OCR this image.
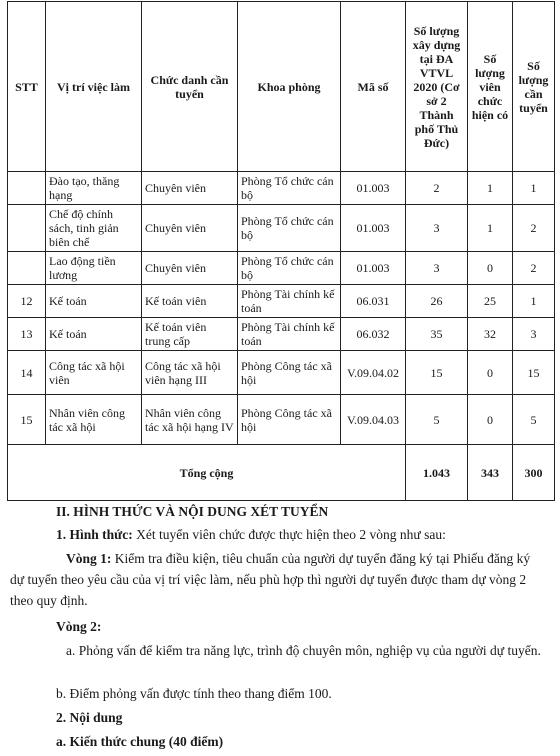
STT	Vị trí việc làm	Chức danh cần tuyển	Khoa phòng	Mã số	Số lượng xây dựng tại ĐA VTVL 2020 (Cơ sở 2 Thành phố Thủ Đức)	Số lượng viên chức hiện có	Số lượng cần tuyển
	Đào tạo, thăng hạng	Chuyên viên	Phòng Tổ chức cán bộ	01.003	2	1	1
	Chế độ chính sách, tinh giản biên chế	Chuyên viên	Phòng Tổ chức cán bộ	01.003	3	1	2
	Lao động tiền lương	Chuyên viên	Phòng Tổ chức cán bộ	01.003	3	0	2
12	Kế toán	Kế toán viên	Phòng Tài chính kế toán	06.031	26	25	1
13	Kế toán	Kế toán viên trung cấp	Phòng Tài chính kế toán	06.032	35	32	3
14	Công tác xã hội viên	Công tác xã hội viên hạng III	Phòng Công tác xã hội	V.09.04.02	15	0	15
15	Nhân viên công tác xã hội	Nhân viên công tác xã hội hạng IV	Phòng Công tác xã hội	V.09.04.03	5	0	5
Tổng cộng					1.043	343	300

II. HÌNH THỨC VÀ NỘI DUNG XÉT TUYỂN

1. Hình thức: Xét tuyển viên chức được thực hiện theo 2 vòng như sau:

Vòng 1: Kiểm tra điều kiện, tiêu chuẩn của người dự tuyển đăng ký tại Phiếu đăng ký dự tuyển theo yêu cầu của vị trí việc làm, nếu phù hợp thì người dự tuyển được tham dự vòng 2 theo quy định.

Vòng 2:

a. Phỏng vấn để kiểm tra năng lực, trình độ chuyên môn, nghiệp vụ của người dự tuyển.

b. Điểm phỏng vấn được tính theo thang điểm 100.

2. Nội dung

a. Kiến thức chung (40 điểm)
